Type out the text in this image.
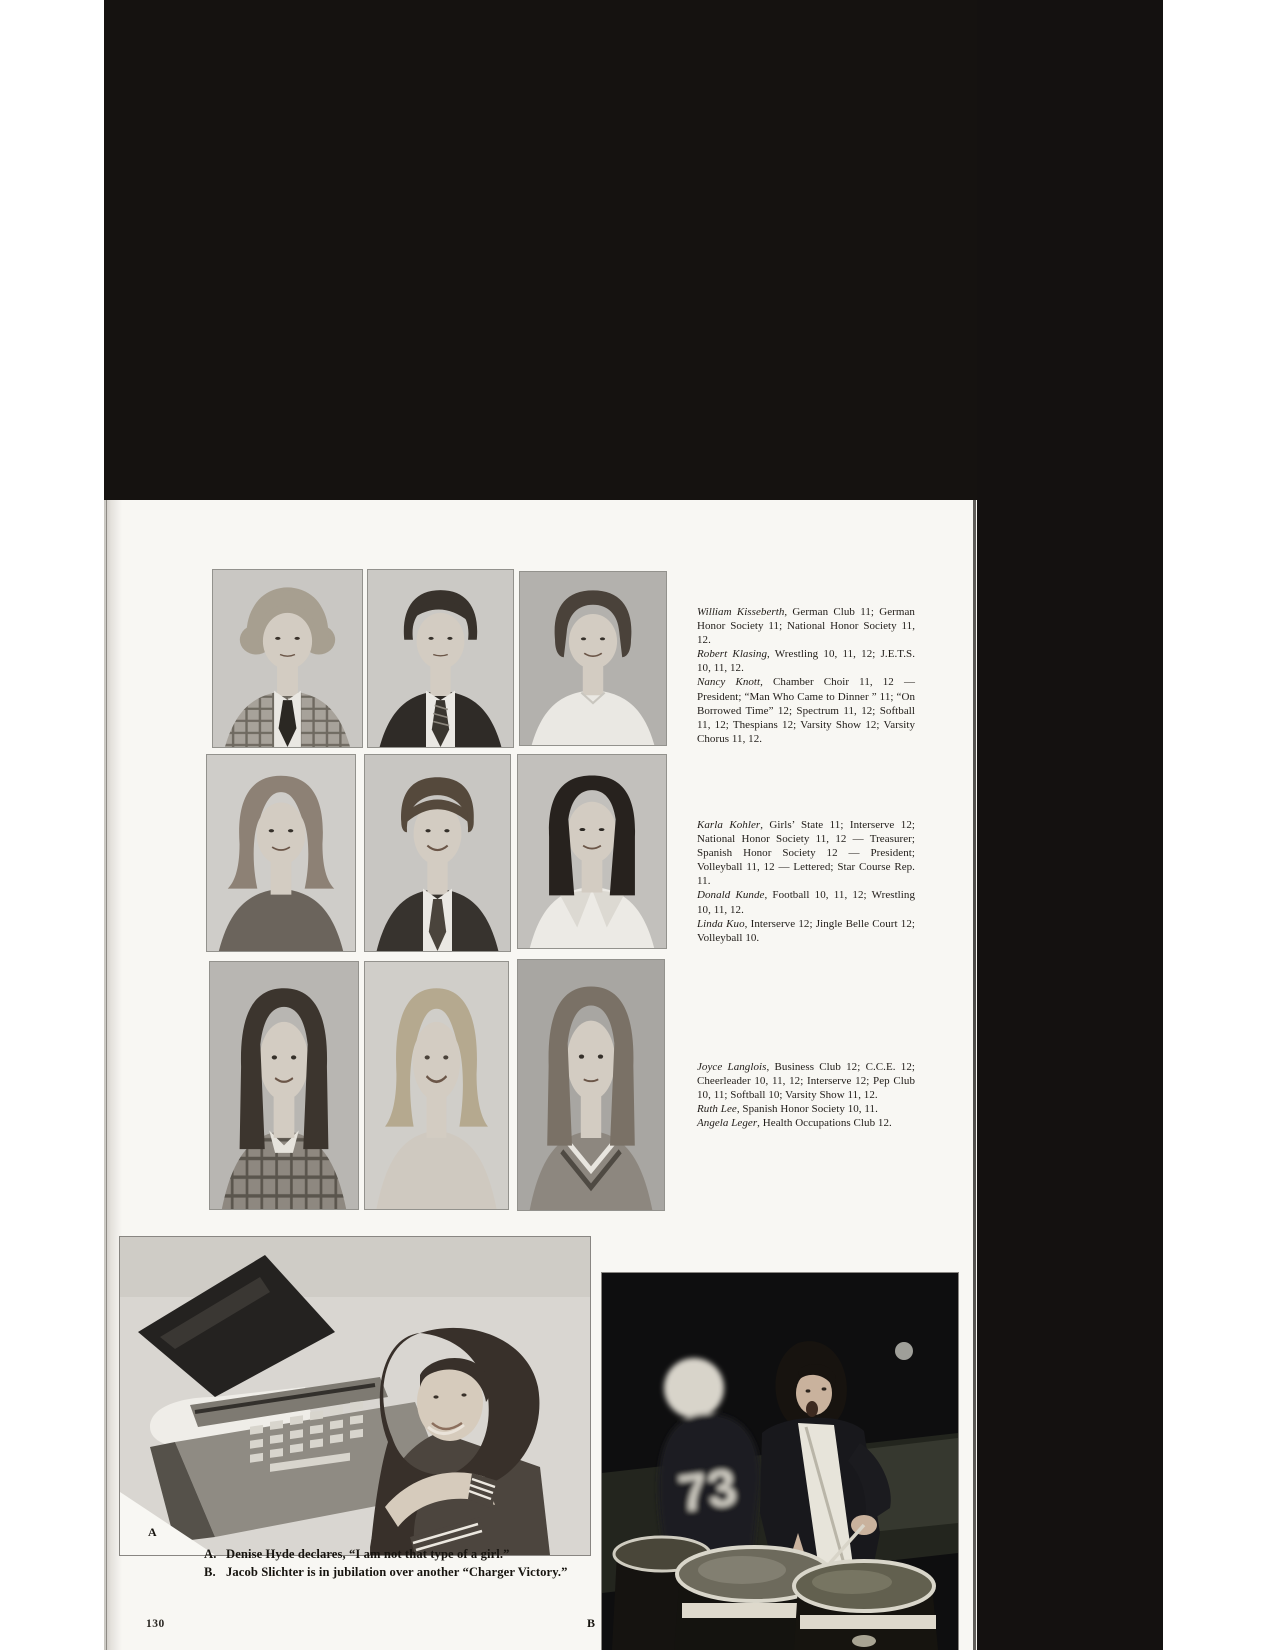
William Kisseberth, German Club 11; German Honor Society 11; National Honor Society 11, 12.

Robert Klasing, Wrestling 10, 11, 12; J.E.T.S. 10, 11, 12.

Nancy Knott, Chamber Choir 11, 12 — President; “Man Who Came to Dinner ” 11; “On Borrowed Time” 12; Spectrum 11, 12; Softball 11, 12; Thespians 12; Varsity Show 12; Varsity Chorus 11, 12.

Karla Kohler, Girls’ State 11; Interserve 12; National Honor Society 11, 12 — Treasurer; Spanish Honor Society 12 — President; Volleyball 11, 12 — Lettered; Star Course Rep. 11.

Donald Kunde, Football 10, 11, 12; Wrestling 10, 11, 12.

Linda Kuo, Interserve 12; Jingle Belle Court 12; Volleyball 10.

Joyce Langlois, Business Club 12; C.C.E. 12; Cheerleader 10, 11, 12; Interserve 12; Pep Club 10, 11; Softball 10; Varsity Show 11, 12.

Ruth Lee, Spanish Honor Society 10, 11.

Angela Leger, Health Occupations Club 12.

A
73
B
A. Denise Hyde declares, “I am not that type of a girl.”
B. Jacob Slichter is in jubilation over another “Charger Victory.”
130
